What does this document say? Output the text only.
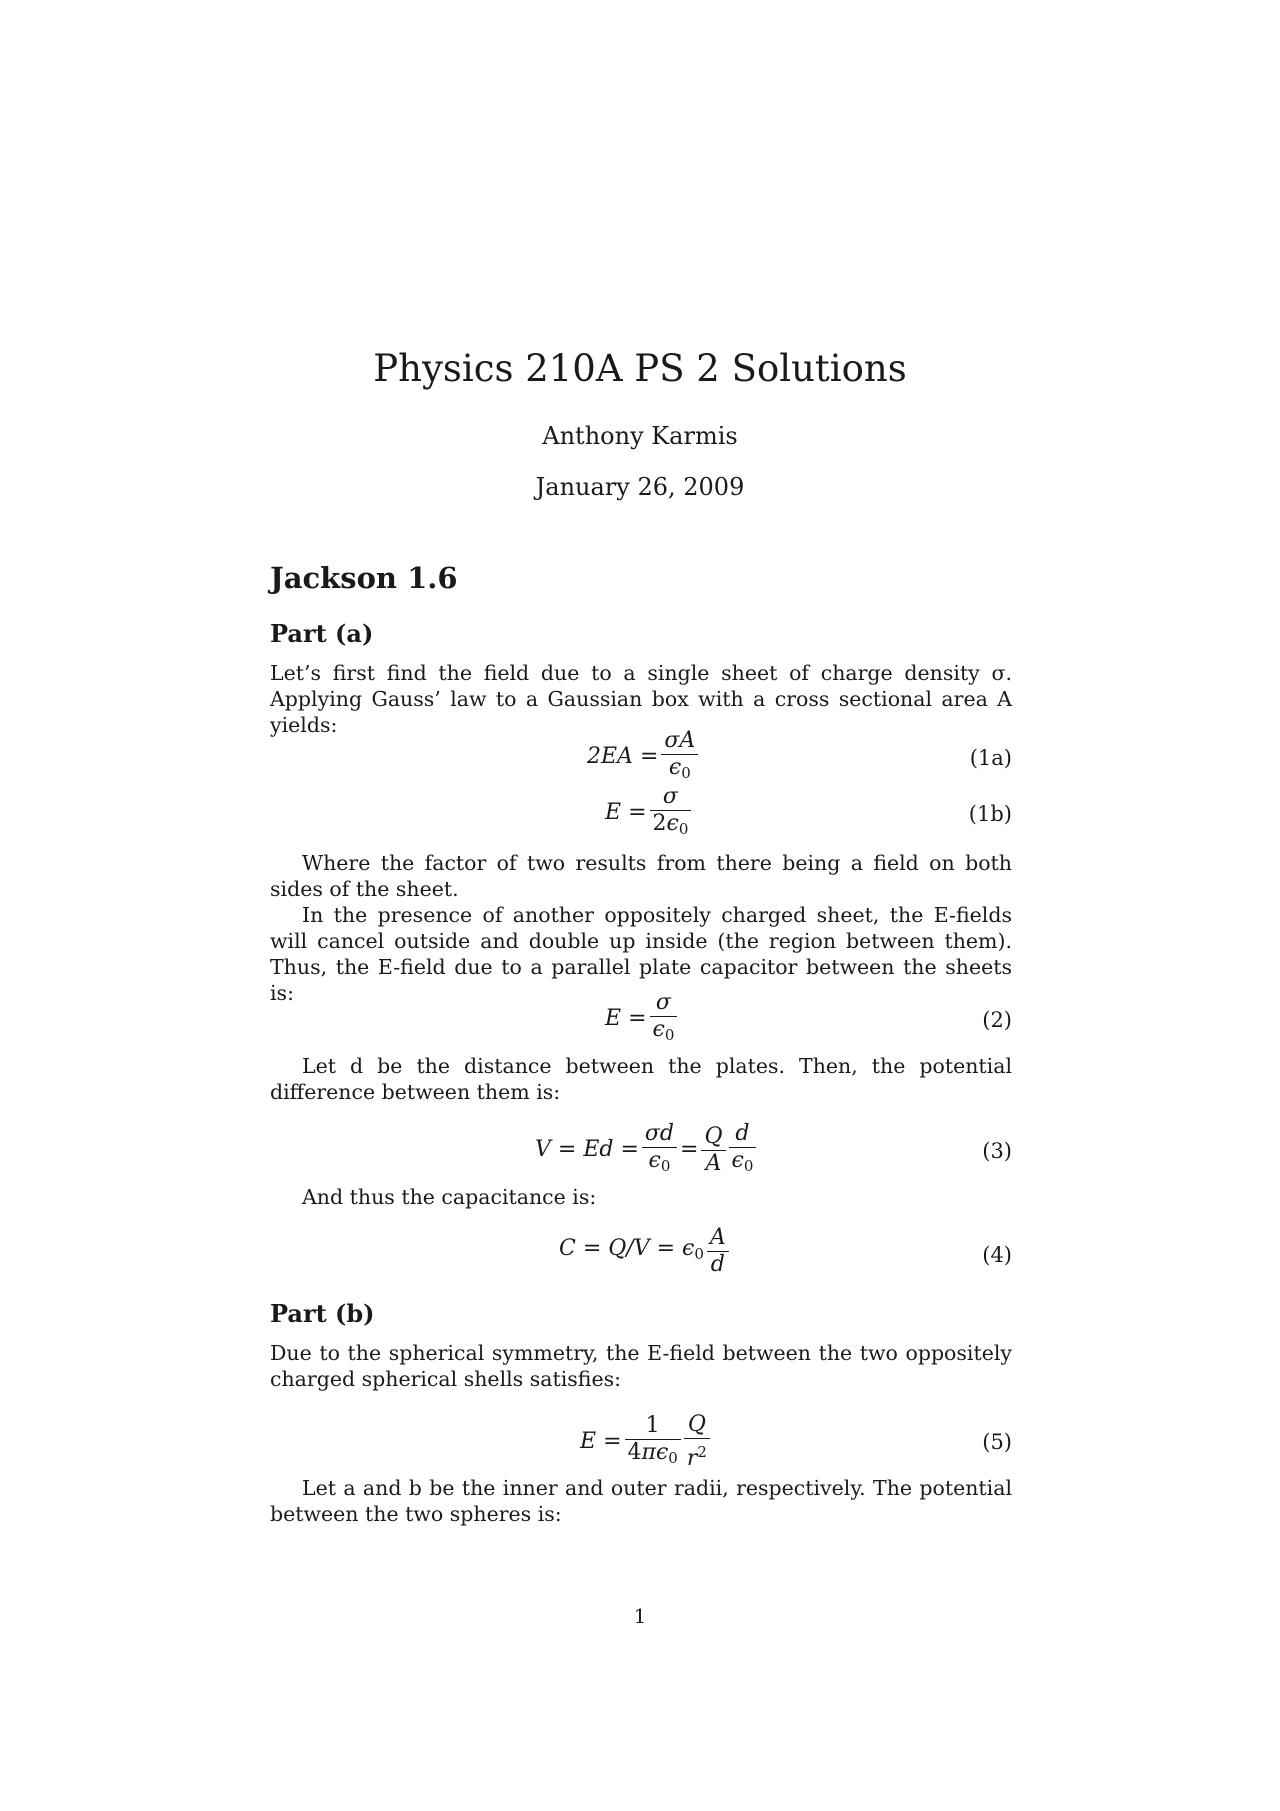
Physics 210A PS 2 Solutions
Anthony Karmis
January 26, 2009
Jackson 1.6
Part (a)
Let’s first find the field due to a single sheet of charge density σ. Applying Gauss’ law to a Gaussian box with a cross sectional area A yields:
$2EA = \frac{\sigma A}{\epsilon_0}$	(1a)
$E = \frac{\sigma}{2\epsilon_0}$	(1b)
Where the factor of two results from there being a field on both sides of the sheet.
In the presence of another oppositely charged sheet, the E-fields will cancel outside and double up inside (the region between them). Thus, the E-field due to a parallel plate capacitor between the sheets is:
$E = \frac{\sigma}{\epsilon_0}$	(2)
Let d be the distance between the plates. Then, the potential difference between them is:
$V = Ed = \frac{\sigma d}{\epsilon_0} = \frac{Q}{A} \frac{d}{\epsilon_0}$	(3)
And thus the capacitance is:
$C = Q/V = \epsilon_0 \frac{A}{d}$	(4)
Part (b)
Due to the spherical symmetry, the E-field between the two oppositely charged spherical shells satisfies:
$E = \frac{1}{4\pi\epsilon_0} \frac{Q}{r^2}$	(5)
Let a and b be the inner and outer radii, respectively. The potential between the two spheres is:
1
